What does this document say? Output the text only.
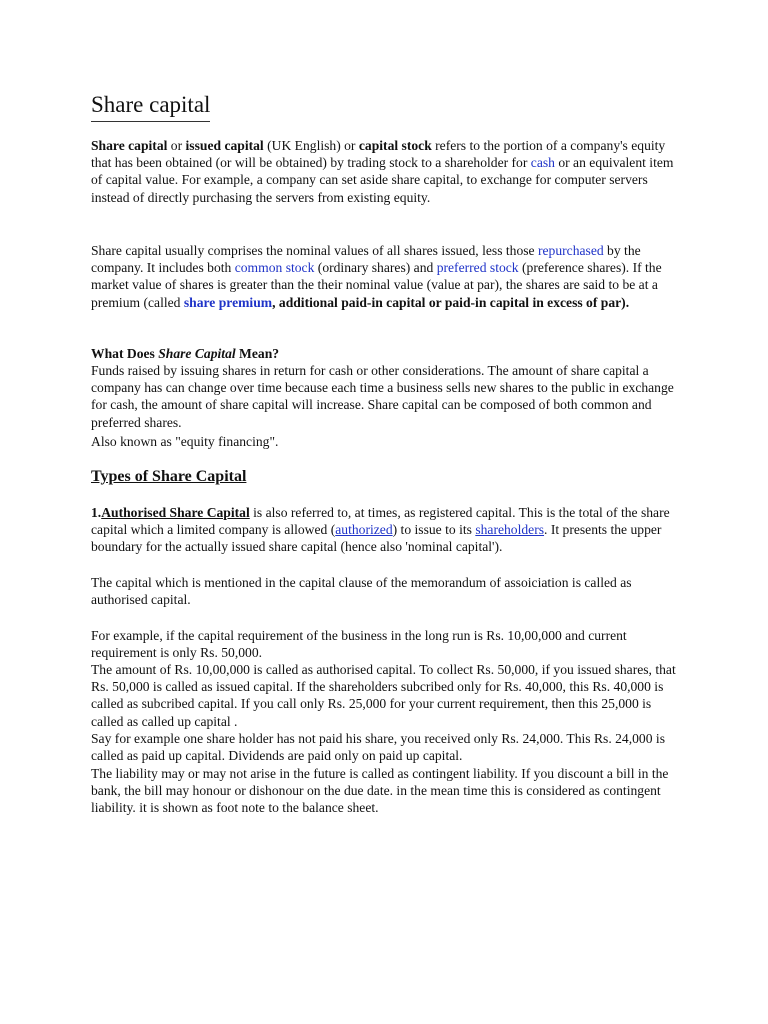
Share capital

Share capital or issued capital (UK English) or capital stock refers to the portion of a company's equity that has been obtained (or will be obtained) by trading stock to a shareholder for cash or an equivalent item of capital value. For example, a company can set aside share capital, to exchange for computer servers instead of directly purchasing the servers from existing equity.

Share capital usually comprises the nominal values of all shares issued, less those repurchased by the company. It includes both common stock (ordinary shares) and preferred stock (preference shares). If the market value of shares is greater than the their nominal value (value at par), the shares are said to be at a premium (called share premium, additional paid-in capital or paid-in capital in excess of par).

What Does Share Capital Mean?

Funds raised by issuing shares in return for cash or other considerations. The amount of share capital a company has can change over time because each time a business sells new shares to the public in exchange for cash, the amount of share capital will increase. Share capital can be composed of both common and preferred shares.

Also known as "equity financing".

Types of Share Capital

1.Authorised Share Capital is also referred to, at times, as registered capital. This is the total of the share capital which a limited company is allowed (authorized) to issue to its shareholders. It presents the upper boundary for the actually issued share capital (hence also 'nominal capital').

The capital which is mentioned in the capital clause of the memorandum of assoiciation is called as authorised capital.

For example, if the capital requirement of the business in the long run is Rs. 10,00,000 and current requirement is only Rs. 50,000.

The amount of Rs. 10,00,000 is called as authorised capital. To collect Rs. 50,000, if you issued shares, that Rs. 50,000 is called as issued capital. If the shareholders subcribed only for Rs. 40,000, this Rs. 40,000 is called as subcribed capital. If you call only Rs. 25,000 for your current requirement, then this 25,000 is called as called up capital .

Say for example one share holder has not paid his share, you received only Rs. 24,000. This Rs. 24,000 is called as paid up capital. Dividends are paid only on paid up capital.

The liability may or may not arise in the future is called as contingent liability. If you discount a bill in the bank, the bill may honour or dishonour on the due date. in the mean time this is considered as contingent liability. it is shown as foot note to the balance sheet.
